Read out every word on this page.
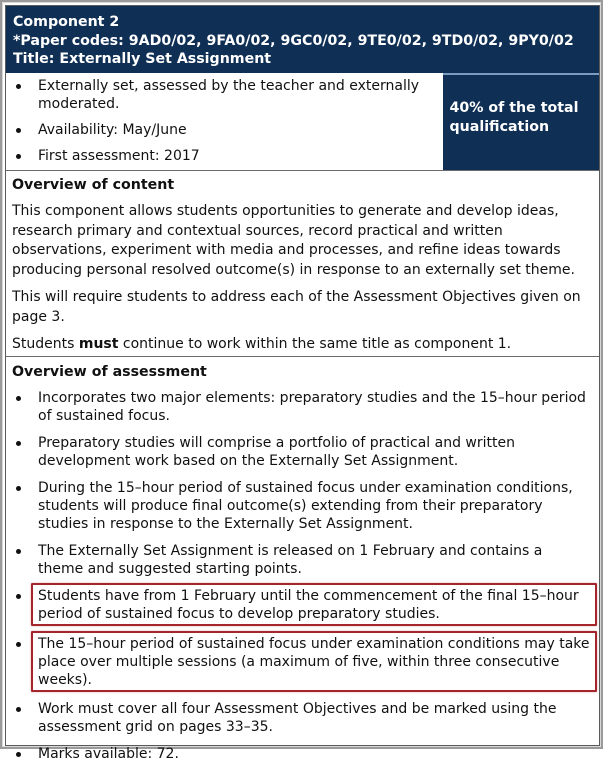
Component 2
*Paper codes: 9AD0/02, 9FA0/02, 9GC0/02, 9TE0/02, 9TD0/02, 9PY0/02
Title: Externally Set Assignment
Externally set, assessed by the teacher and externally moderated.
Availability: May/June
First assessment: 2017
40% of the total qualification
Overview of content

This component allows students opportunities to generate and develop ideas, research primary and contextual sources, record practical and written observations, experiment with media and processes, and refine ideas towards producing personal resolved outcome(s) in response to an externally set theme.

This will require students to address each of the Assessment Objectives given on page 3.

Students must continue to work within the same title as component 1.

Overview of assessment
Incorporates two major elements: preparatory studies and the 15–hour period of sustained focus.
Preparatory studies will comprise a portfolio of practical and written development work based on the Externally Set Assignment.
During the 15–hour period of sustained focus under examination conditions, students will produce final outcome(s) extending from their preparatory studies in response to the Externally Set Assignment.
The Externally Set Assignment is released on 1 February and contains a theme and suggested starting points.
Students have from 1 February until the commencement of the final 15–hour period of sustained focus to develop preparatory studies.
The 15–hour period of sustained focus under examination conditions may take place over multiple sessions (a maximum of five, within three consecutive weeks).
Work must cover all four Assessment Objectives and be marked using the assessment grid on pages 33–35.
Marks available: 72.
